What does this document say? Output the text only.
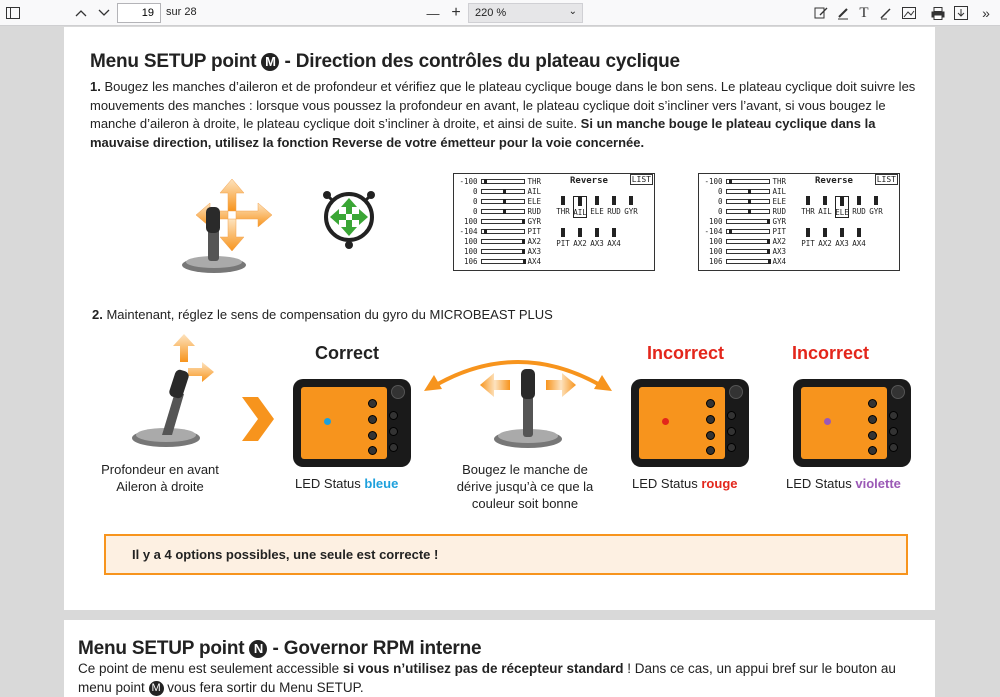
19
sur 28	— +	220 %	⌄	T	»
Menu SETUP point M - Direction des contrôles du plateau cyclique
1. Bougez les manches d’aileron et de profondeur et vérifiez que le plateau cyclique bouge dans le bon sens. Le plateau cyclique doit suivre les mouvements des manches : lorsque vous poussez la profondeur en avant, le plateau cyclique doit s’incliner vers l’avant, si vous bougez le manche d’aileron à droite, le plateau cyclique doit s’incliner à droite, et ainsi de suite. Si un manche bouge le plateau cyclique dans la mauvaise direction, utilisez la fonction Reverse de votre émetteur pour la voie concernée.
-100	THR
0	AIL
0	ELE
0	RUD
100	GYR
-104	PIT
100	AX2
100	AX3
106	AX4
Reverse	LIST
THR AIL ELE RUD GYR
PIT AX2 AX3 AX4
-100	THR
0	AIL
0	ELE
0	RUD
100	GYR
-104	PIT
100	AX2
100	AX3
106	AX4
Reverse	LIST
THR AIL ELE RUD GYR
PIT AX2 AX3 AX4
2. Maintenant, réglez le sens de compensation du gyro du MICROBEAST PLUS
Profondeur en avant
Aileron à droite
Correct
LED Status bleue
Bougez le manche de
dérive jusqu’à ce que la
couleur soit bonne
Incorrect
LED Status rouge
Incorrect
LED Status violette
Il y a 4 options possibles, une seule est correcte !
Menu SETUP point N - Governor RPM interne
Ce point de menu est seulement accessible si vous n’utilisez pas de récepteur standard ! Dans ce cas, un appui bref sur le bouton au menu point M vous fera sortir du Menu SETUP.
